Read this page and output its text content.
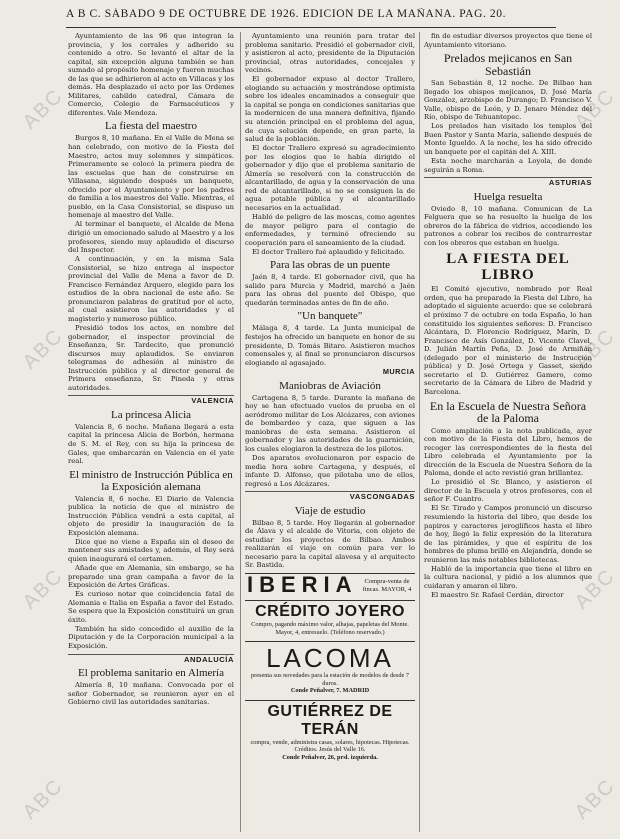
ABC
ABC
ABC
ABC
ABC
ABC
ABC
ABC
A B C. SÁBADO 9 DE OCTUBRE DE 1926. EDICION DE LA MAÑANA. PAG. 20.

Ayuntamiento de las 96 que integran la provincia, y los corrales y adherido su contenido a otro. Se levantó el altar de la capital, sin excepción alguna también se han sumado al propósito homenaje y fueron muchas de las que se adhirieron al acto en Villacas y los demás. Ha desplazado el acto por las Ordenes Militares, cabildo catedral, Cámara de Comercio, Colegio de Farmacéuticos y diferentes. Vale Mendoza.

La fiesta del maestro

Burgos 8, 10 mañana. En el Valle de Mena se han celebrado, con motivo de la Fiesta del Maestro, actos muy solemnes y simpáticos. Primeramente se colocó la primera piedra de las escuelas que han de construirse en Villasana, siguiendo después un banquete, ofrecido por el Ayuntamiento y por los padres de familia a los maestros del Valle. Mientras, el pueblo, en la Casa Consistorial, se dispuso un homenaje al maestro del Valle.

Al terminar el banquete, el Alcalde de Mena dirigió un emocionado saludo al Maestro y a los profesores, siendo muy aplaudido el discurso del Inspector.

A continuación, y en la misma Sala Consistorial, se hizo entrega al inspector provincial del Valle de Mena a favor de D. Francisco Fernández Arquero, elegido para los estudios de la obra nacional de este año. Se pronunciaron palabras de gratitud por el acto, al cual asistieron las autoridades y el magisterio y numeroso público.

Presidió todos los actos, en nombre del gobernador, el inspector provincial de Enseñanza, Sr. Tardecito, que pronunció discursos muy aplaudidos. Se enviaron telegramas de adhesión al ministro de Instrucción pública y al director general de Primera enseñanza, Sr. Pineda y otras autoridades.

VALENCIA
La princesa Alicia

Valencia 8, 6 noche. Mañana llegará a esta capital la princesa Alicia de Borbón, hermana de S. M. el Rey, con su hija la princesa de Gales, que embarcarán en Valencia en el yate real.

El ministro de Instrucción Pública en la Exposición alemana

Valencia 8, 6 noche. El Diario de Valencia publica la noticia de que el ministro de Instrucción Pública vendrá a esta capital, al objeto de presidir la inauguración de la Exposición alemana.

Dice que no viene a España sin el deseo de mantener sus amistades y, además, el Rey será quien inaugurará el certamen.

Añade que en Alemania, sin embargo, se ha preparado una gran campaña a favor de la Exposición de Artes Gráficas.

Es curioso notar que coincidencia fatal de Alemania e Italia en España a favor del Estado. Se espera que la Exposición constituirá un gran éxito.

También ha sido concedido el auxilio de la Diputación y de la Corporación municipal a la Exposición.

ANDALUCÍA
El problema sanitario en Almería

Almería 8, 10 mañana. Convocada por el señor Gobernador, se reunieron ayer en el Gobierno civil las autoridades sanitarias.

Ayuntamiento una reunión para tratar del problema sanitario. Presidió el gobernador civil, y asistieron al acto, presidente de la Diputación provincial, otras autoridades, concejales y vecinos.

El gobernador expuso al doctor Trallero, elogiando su actuación y mostrándose optimista sobre los ideales encaminados a conseguir que la capital se ponga en condiciones sanitarias que la modernicen de una manera definitiva, fijando su atención principal en el problema del agua, de cuya solución depende, en gran parte, la salud de la población.

El doctor Trallero expresó su agradecimiento por los elogios que le había dirigido el gobernador y dijo que el problema sanitario de Almería se resolverá con la construcción de alcantarillado, de agua y la conservación de una red de alcantarillado, si no se consiguen la de agua potable pública y el alcantarillado necesarios en la actualidad.

Habló de peligro de las moscas, como agentes de mayor peligro para el contagio de enfermedades, y terminó ofreciendo su cooperación para el saneamiento de la ciudad.

El doctor Trallero fué aplaudido y felicitado.

Para las obras de un puente

Jaén 8, 4 tarde. El gobernador civil, que ha salido para Murcia y Madrid, marchó a Jaén para las obras del puente del Obispo, que quedarán terminadas antes de fin de año.

"Un banquete"

Málaga 8, 4 tarde. La Junta municipal de festejos ha ofrecido un banquete en honor de su presidente, D. Tomás Bitaro. Asistieron muchos comensales y, al final se pronunciaron discursos elogiando al agasajado.

MURCIA
Maniobras de Aviación

Cartagena 8, 5 tarde. Durante la mañana de hoy se han efectuado vuelos de prueba en el aeródromo militar de Los Alcázares, con aviones de bombardeo y caza, que siguen a las maniobras de esta semana. Asistieron el gobernador y las autoridades de la guarnición, los cuales elogiaron la destreza de los pilotos.

Dos aparatos evolucionaron por espacio de media hora sobre Cartagena, y después, el infante D. Alfonso, que pilotaba uno de ellos, regresó a Los Alcázares.

VASCONGADAS
Viaje de estudio

Bilbao 8, 5 tarde. Hoy llegarán al gobernador de Álava y el alcalde de Vitoria, con objeto de estudiar los proyectos de Bilbao. Ambos realizarán el viaje en común para ver lo necesario para la capital alavesa y el arquitecto Sr. Bastida.

IBERIA	Compra-venta de fincas. MAYOR, 4
CRÉDITO JOYERO
Compro, pagando máximo valor, alhajas, papeletas del Monte. Mayor, 4, entresuelo. (Teléfono reservado.)
LACOMA
presenta sus novedades para la estación de modelos de desde 7 duros.
Conde Peñalver, 7. MADRID
GUTIÉRREZ DE TERÁN
compra, vende, administra casas, solares, hipotecas. Hipotecas. Créditos. Jesús del Valle 16.
Conde Peñalver, 26, prsl. izquierda.

fin de estudiar diversos proyectos que tiene el Ayuntamiento vitoriano.

Prelados mejicanos en San Sebastián

San Sebastián 8, 12 noche. De Bilbao han llegado los obispos mejicanos, D. José María González, arzobispo de Durango; D. Francisco V. Valle, obispo de León, y D. Jenaro Méndez del Río, obispo de Tehuantepec.

Los prelados han visitado los templos del Buen Pastor y Santa María, saliendo después de Monte Igueldo. A la noche, les ha sido ofrecido un banquete por el capitán del A. XIII.

Esta noche marcharán a Loyola, de donde seguirán a Roma.

ASTURIAS
Huelga resuelta

Oviedo 8, 10 mañana. Comunican de La Felguera que se ha resuelto la huelga de los obreros de la fábrica de vidrios, accediendo los patronos a cobrar los recibos de contrarrestar con los obreros que estaban en huelga.

LA FIESTA DEL LIBRO

El Comité ejecutivo, nombrado por Real orden, que ha preparado la Fiesta del Libro, ha adoptado el siguiente acuerdo: que se celebrará el próximo 7 de octubre en toda España, lo han constituido los siguientes señores: D. Francisco Alcántara, D. Florencio Rodríguez, Marín, D. Francisco de Asís González, D. Vicente Clavel, D. Julián Martín Peña, D. José de Armiñán (delegado por el ministerio de Instrucción pública) y D. José Ortega y Gasset, siendo secretario el D. Gutiérrez Gamero, como secretario de la Cámara de Libro de Madrid y Barcelona.

En la Escuela de Nuestra Señora de la Paloma

Como ampliación a la nota publicada, ayer con motivo de la Fiesta del Libro, hemos de recoger las correspondientes de la fiesta del Libro celebrada el Ayuntamiento por la dirección de la Escuela de Nuestra Señora de la Paloma, donde el acto revistió gran brillantez.

Lo presidió el Sr. Blanco, y asistieron el director de la Escuela y otros profesores, con el señor F. Cuantro.

El Sr. Tirado y Campos pronunció un discurso resumiendo la historia del libro, que desde los papiros y caracteres jeroglíficos hasta el libro de hoy, llegó la feliz expresión de la literatura de las pirámides, y que el espíritu de los hombres de pluma brilló en Alejandría, donde se reunieron las más notables bibliotecas.

Habló de la importancia que tiene el libro en la cultura nacional, y pidió a los alumnos que cuidaran y amaran el libro.

El maestro Sr. Rafael Cerdán, director
